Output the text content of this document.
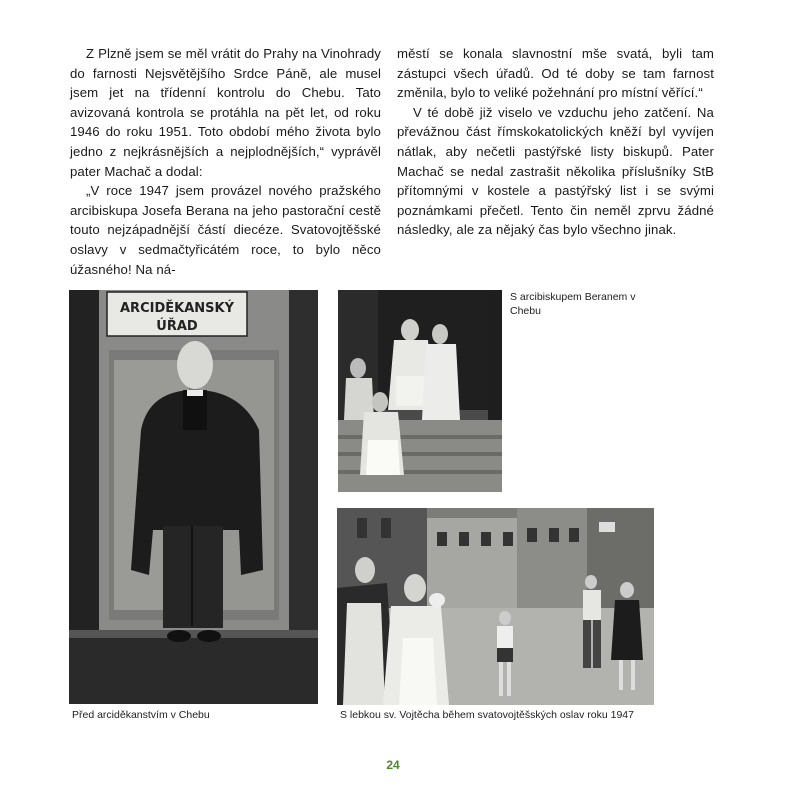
Z Plzně jsem se měl vrátit do Prahy na Vinohrady do farnosti Nejsvětějšího Srdce Páně, ale musel jsem jet na třídenní kontrolu do Chebu. Tato avizovaná kontrola se protáhla na pět let, od roku 1946 do roku 1951. Toto období mého života bylo jedno z nejkrásnějších a nejplodnějších,“ vyprávěl pater Machač a dodal:

„V roce 1947 jsem provázel nového pražského arcibiskupa Josefa Berana na jeho pastorační cestě touto nejzápadnější částí diecéze. Svatovojtěšské oslavy v sedmačtyřicátém roce, to bylo něco úžasného! Na ná-

městí se konala slavnostní mše svatá, byli tam zástupci všech úřadů. Od té doby se tam farnost změnila, bylo to veliké požehnání pro místní věřící.“

V té době již viselo ve vzduchu jeho zatčení. Na převážnou část římskokatolických kněží byl vyvíjen nátlak, aby nečetli pastýřské listy biskupů. Pater Machač se nedal zastrašit několika příslušníky StB přítomnými v kostele a pastýřský list i se svými poznámkami přečetl. Tento čin neměl zprvu žádné následky, ale za nějaký čas bylo všechno jinak.

ARCIDĚKANSKÝ
ÚŘAD
Před arciděkanstvím v Chebu
S arcibiskupem Beranem v Chebu
S lebkou sv. Vojtěcha během svatovojtěšských oslav roku 1947
24
